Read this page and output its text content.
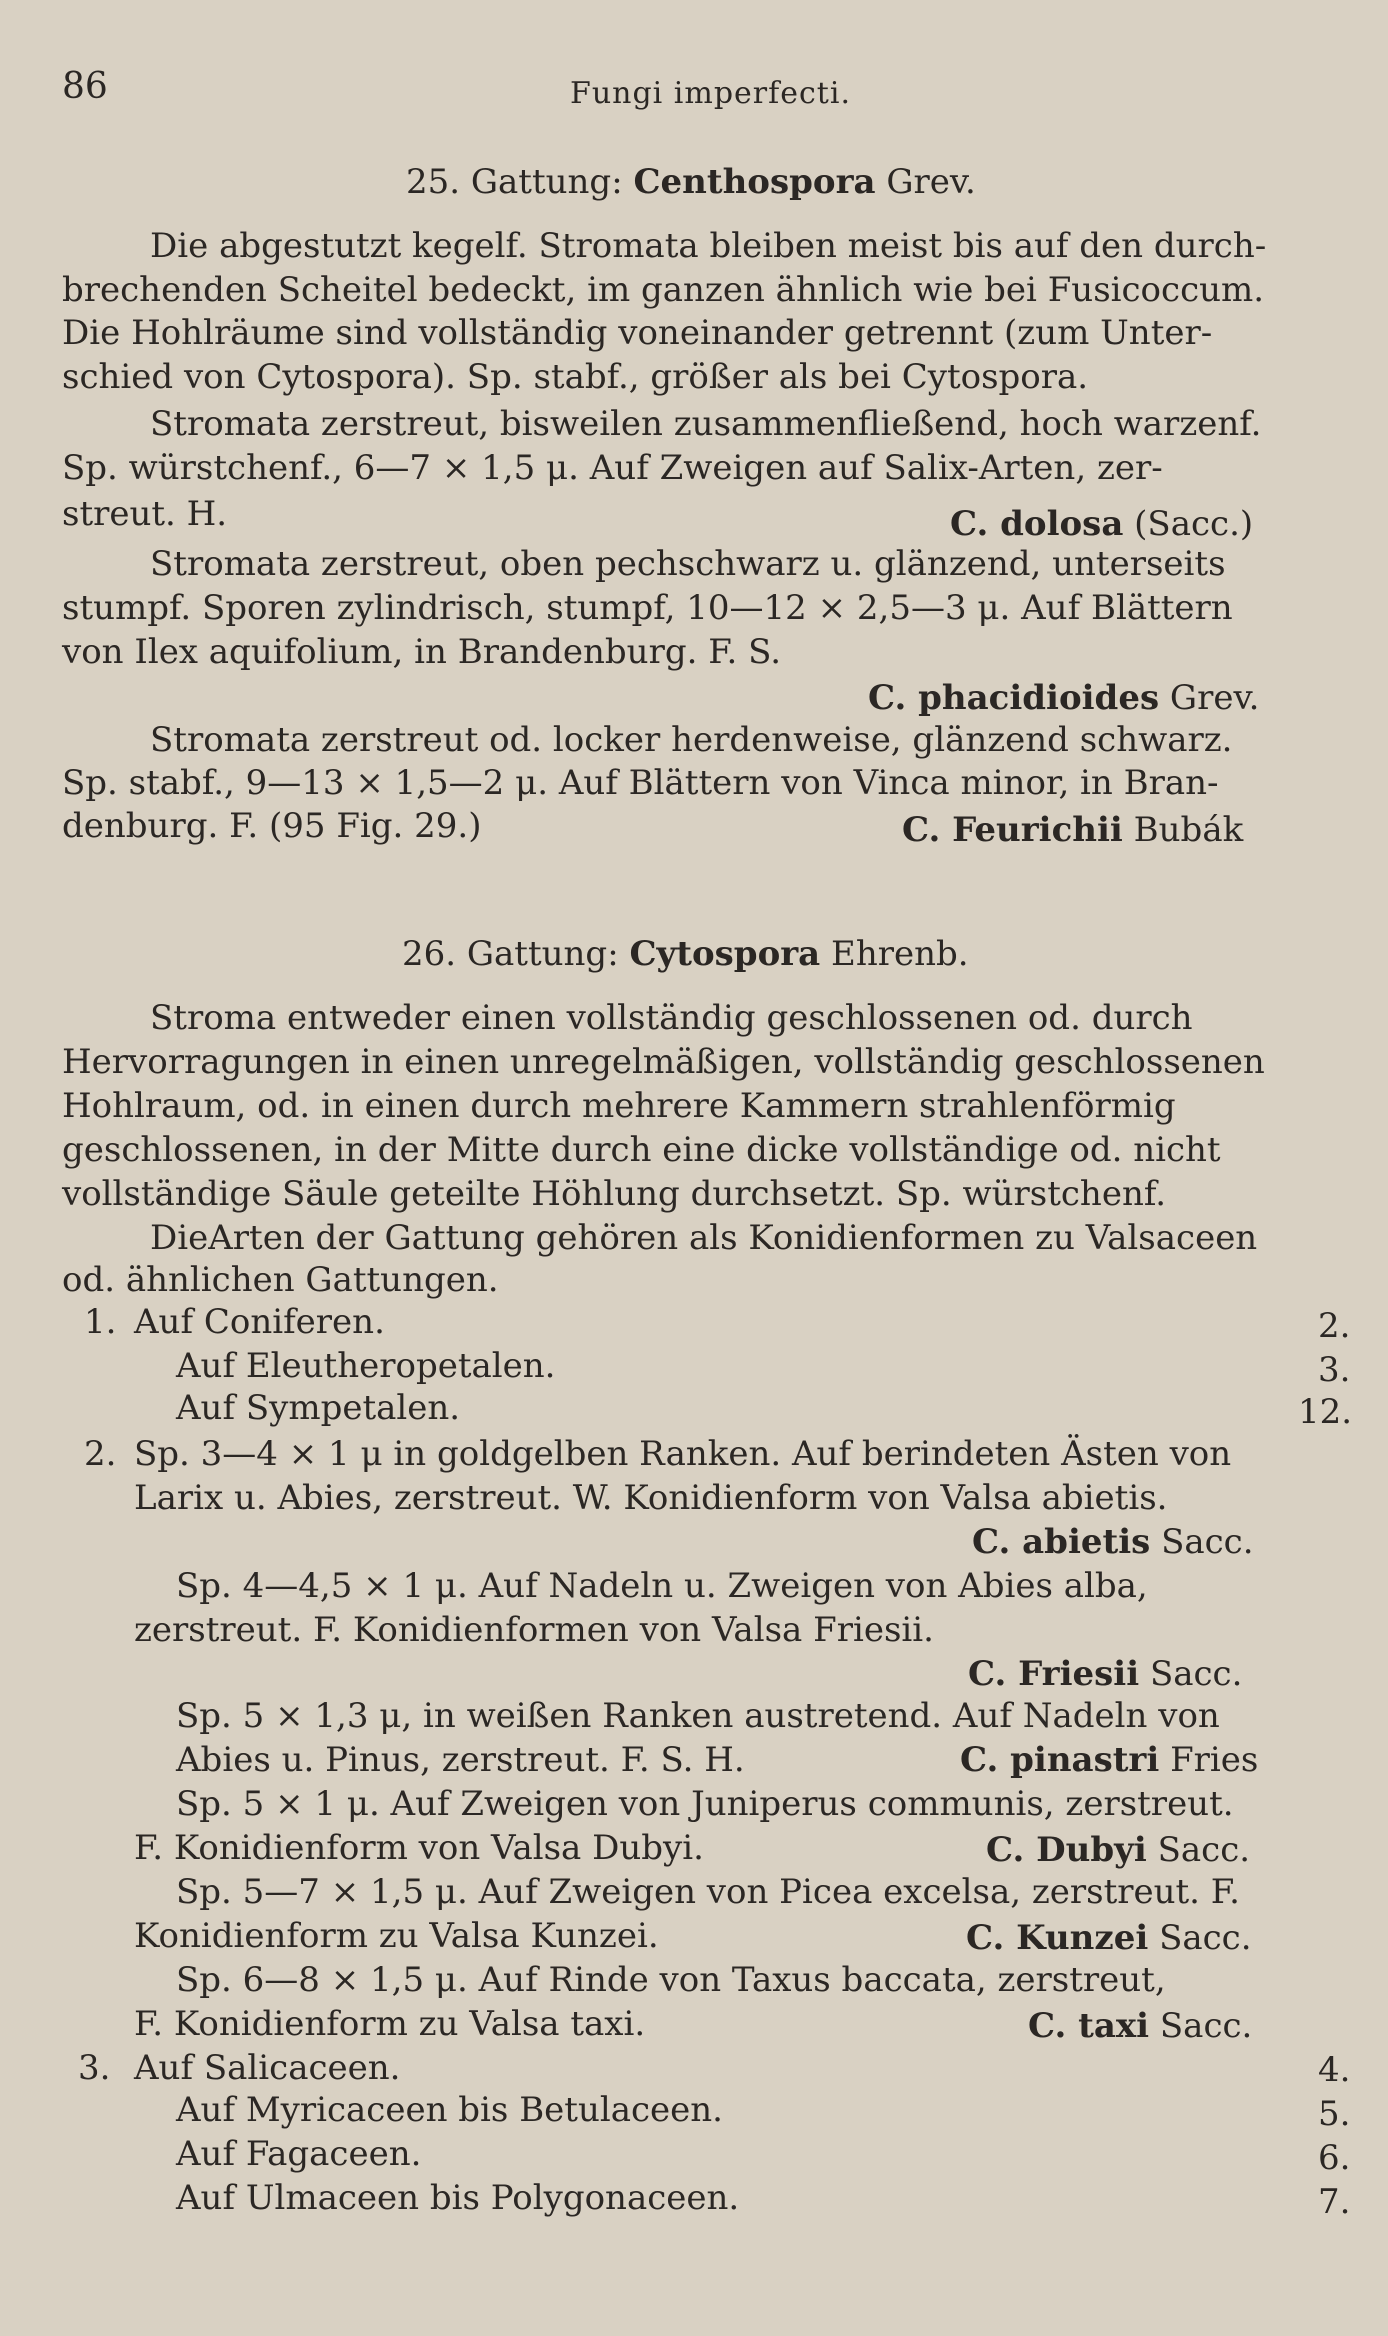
86	Fungi imperfecti.
25. Gattung: Centhospora Grev.
Die abgestutzt kegelf. Stromata bleiben meist bis auf den durch-
brechenden Scheitel bedeckt, im ganzen ähnlich wie bei Fusicoccum.
Die Hohlräume sind vollständig voneinander getrennt (zum Unter-
schied von Cytospora). Sp. stabf., größer als bei Cytospora.
Stromata zerstreut, bisweilen zusammenfließend, hoch warzenf.
Sp. würstchenf., 6—7 × 1,5 μ. Auf Zweigen auf Salix-Arten, zer-
streut. H.	C. dolosa (Sacc.)
Stromata zerstreut, oben pechschwarz u. glänzend, unterseits
stumpf. Sporen zylindrisch, stumpf, 10—12 × 2,5—3 μ. Auf Blättern
von Ilex aquifolium, in Brandenburg. F. S.
C. phacidioides Grev.
Stromata zerstreut od. locker herdenweise, glänzend schwarz.
Sp. stabf., 9—13 × 1,5—2 μ. Auf Blättern von Vinca minor, in Bran-
denburg. F. (95 Fig. 29.)	C. Feurichii Bubák
26. Gattung: Cytospora Ehrenb.
Stroma entweder einen vollständig geschlossenen od. durch
Hervorragungen in einen unregelmäßigen, vollständig geschlossenen
Hohlraum, od. in einen durch mehrere Kammern strahlenförmig
geschlossenen, in der Mitte durch eine dicke vollständige od. nicht
vollständige Säule geteilte Höhlung durchsetzt. Sp. würstchenf.
DieArten der Gattung gehören als Konidienformen zu Valsaceen
od. ähnlichen Gattungen.
1. Auf Coniferen.	2.
Auf Eleutheropetalen.	3.
Auf Sympetalen.	12.
2. Sp. 3—4 × 1 μ in goldgelben Ranken. Auf berindeten Ästen von
Larix u. Abies, zerstreut. W. Konidienform von Valsa abietis.
C. abietis Sacc.
Sp. 4—4,5 × 1 μ. Auf Nadeln u. Zweigen von Abies alba,
zerstreut. F. Konidienformen von Valsa Friesii.
C. Friesii Sacc.
Sp. 5 × 1,3 μ, in weißen Ranken austretend. Auf Nadeln von
Abies u. Pinus, zerstreut. F. S. H.	C. pinastri Fries
Sp. 5 × 1 μ. Auf Zweigen von Juniperus communis, zerstreut.
F. Konidienform von Valsa Dubyi.	C. Dubyi Sacc.
Sp. 5—7 × 1,5 μ. Auf Zweigen von Picea excelsa, zerstreut. F.
Konidienform zu Valsa Kunzei.	C. Kunzei Sacc.
Sp. 6—8 × 1,5 μ. Auf Rinde von Taxus baccata, zerstreut,
F. Konidienform zu Valsa taxi.	C. taxi Sacc.
3. Auf Salicaceen.	4.
Auf Myricaceen bis Betulaceen.	5.
Auf Fagaceen.	6.
Auf Ulmaceen bis Polygonaceen.	7.
